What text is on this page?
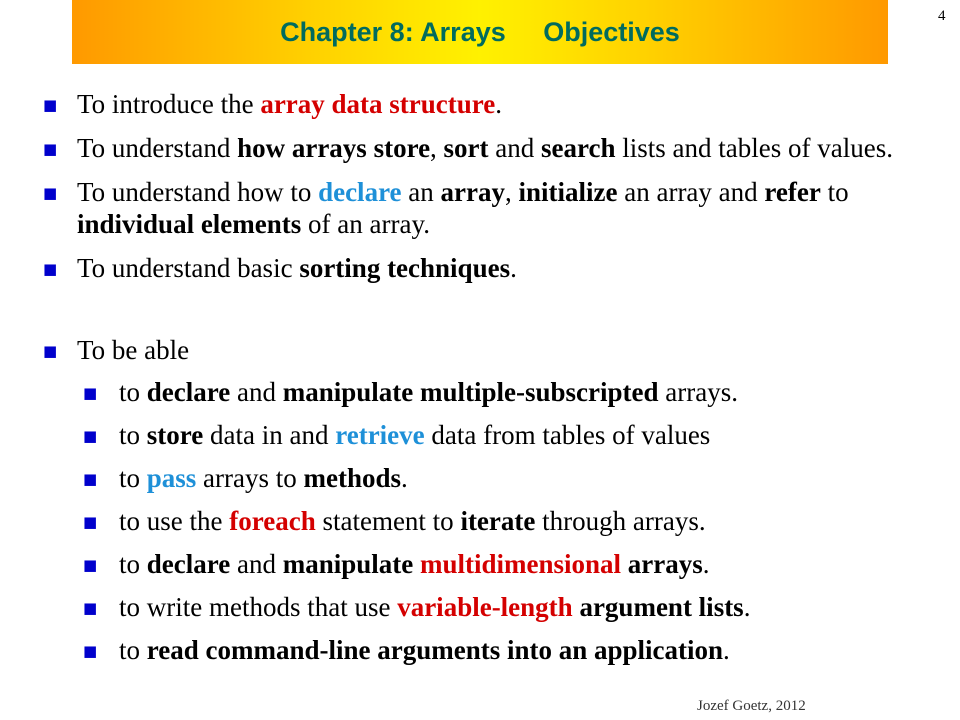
Chapter 8: Arrays     Objectives
4
■ To introduce the array data structure.
■ To understand how arrays store, sort and search lists and tables of values.
■ To understand how to declare an array, initialize an array and refer to individual elements of an array.
■ To understand basic sorting techniques.
■ To be able
■ to declare and manipulate multiple-subscripted arrays.
■ to store data in and retrieve data from tables of values
■ to pass arrays to methods.
■ to use the foreach statement to iterate through arrays.
■ to declare and manipulate multidimensional arrays.
■ to write methods that use variable-length argument lists.
■ to read command-line arguments into an application.
Jozef Goetz, 2012
